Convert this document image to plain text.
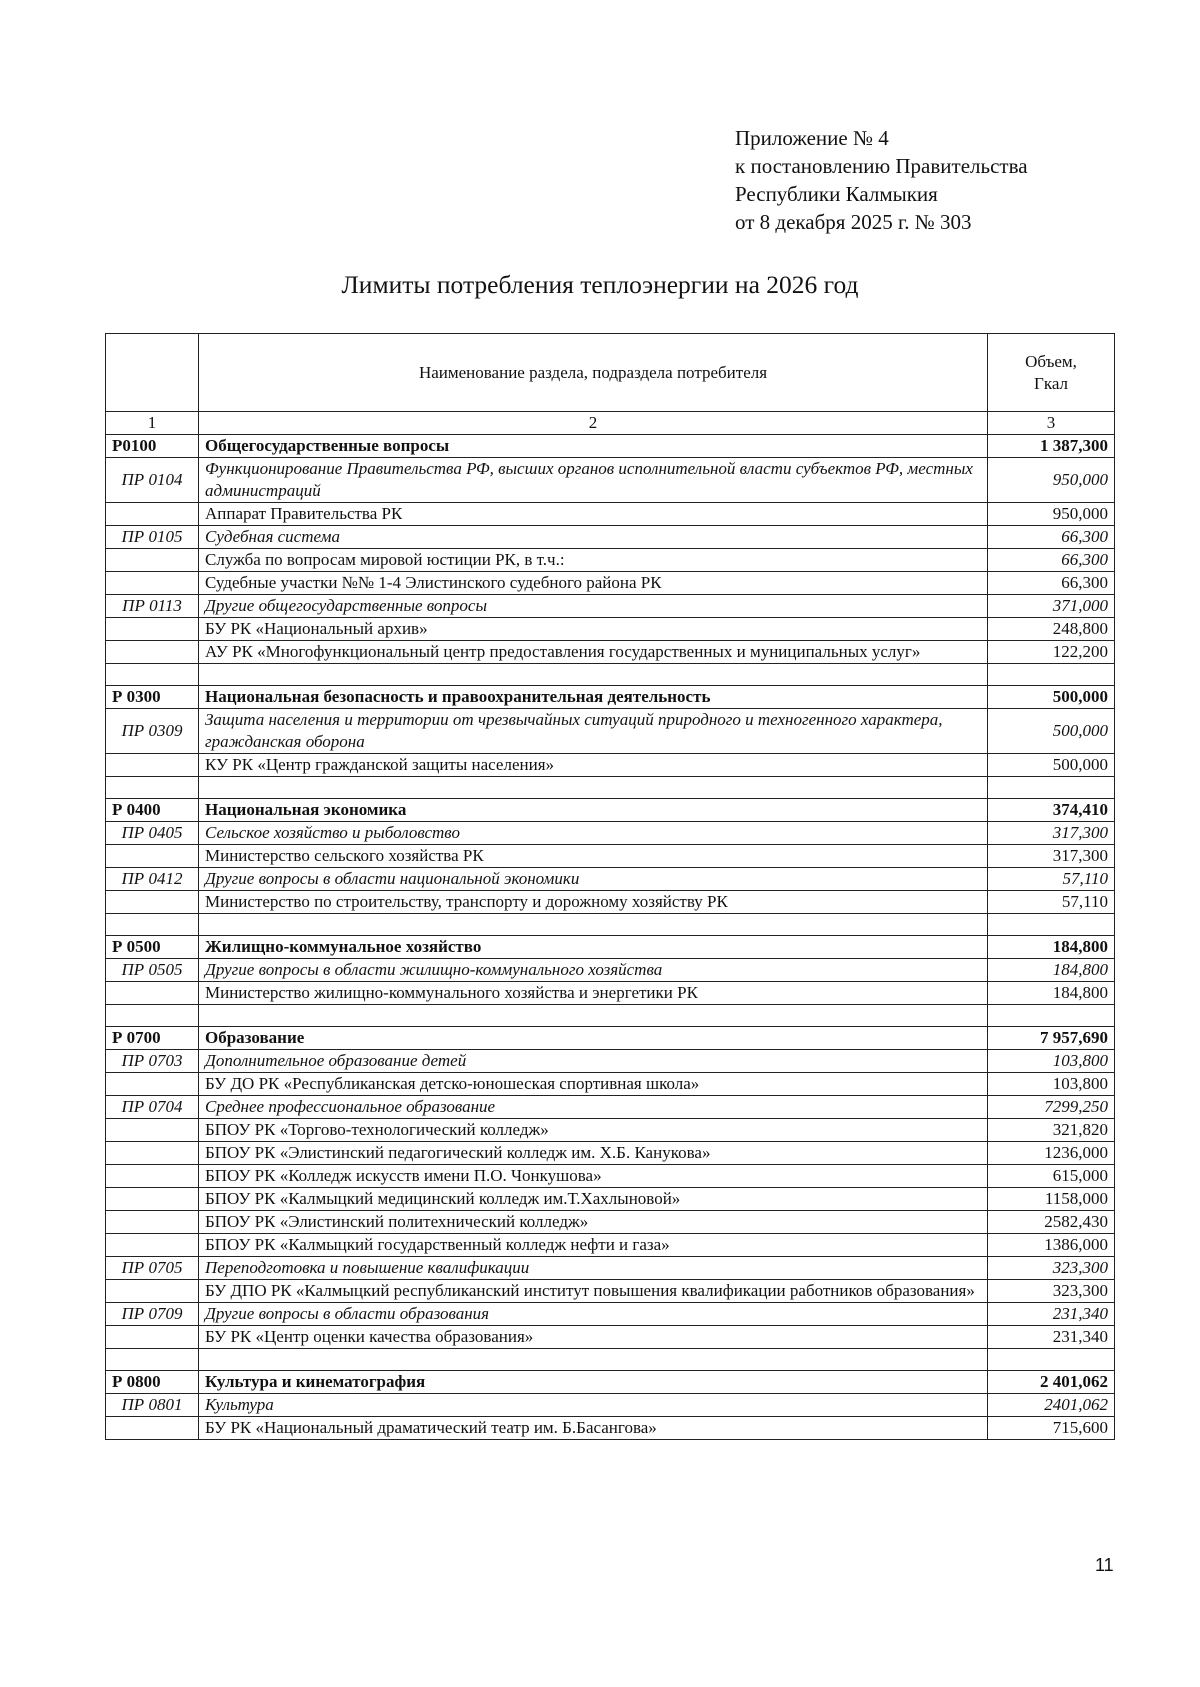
Приложение № 4
к постановлению Правительства
Республики Калмыкия
от 8 декабря 2025 г. № 303
Лимиты потребления теплоэнергии на 2026 год
	Наименование раздела, подраздела потребителя	Объем,
Гкал

1	2	3
Р0100	Общегосударственные вопросы	1 387,300
ПР 0104	Функционирование Правительства РФ, высших органов исполнительной власти субъектов РФ, местных администраций	950,000
	Аппарат Правительства РК	950,000
ПР 0105	Судебная система	66,300
	Служба по вопросам мировой юстиции РК, в т.ч.:	66,300
	Судебные участки №№ 1-4 Элистинского судебного района РК	66,300
ПР 0113	Другие общегосударственные вопросы	371,000
	БУ РК «Национальный архив»	248,800
	АУ РК «Многофункциональный центр предоставления государственных и муниципальных услуг»	122,200

Р 0300	Национальная безопасность и правоохранительная деятельность	500,000
ПР 0309	Защита населения и территории от чрезвычайных ситуаций природного и техногенного характера, гражданская оборона	500,000
	КУ РК «Центр гражданской защиты населения»	500,000

Р 0400	Национальная экономика	374,410
ПР 0405	Сельское хозяйство и рыболовство	317,300
	Министерство сельского хозяйства РК	317,300
ПР 0412	Другие вопросы в области национальной экономики	57,110
	Министерство по строительству, транспорту и дорожному хозяйству РК	57,110

Р 0500	Жилищно-коммунальное хозяйство	184,800
ПР 0505	Другие вопросы в области жилищно-коммунального хозяйства	184,800
	Министерство жилищно-коммунального хозяйства и энергетики РК	184,800

Р 0700	Образование	7 957,690
ПР 0703	Дополнительное образование детей	103,800
	БУ ДО РК «Республиканская детско-юношеская спортивная школа»	103,800
ПР 0704	Среднее профессиональное образование	7299,250
	БПОУ РК «Торгово-технологический колледж»	321,820
	БПОУ РК «Элистинский педагогический колледж им. Х.Б. Канукова»	1236,000
	БПОУ РК «Колледж искусств имени П.О. Чонкушова»	615,000
	БПОУ РК «Калмыцкий медицинский колледж им.Т.Хахлыновой»	1158,000
	БПОУ РК «Элистинский политехнический колледж»	2582,430
	БПОУ РК «Калмыцкий государственный колледж нефти и газа»	1386,000
ПР 0705	Переподготовка и повышение квалификации	323,300
	БУ ДПО РК «Калмыцкий республиканский институт повышения квалификации работников образования»	323,300
ПР 0709	Другие вопросы в области образования	231,340
	БУ РК «Центр оценки качества образования»	231,340

Р 0800	Культура и кинематография	2 401,062
ПР 0801	Культура	2401,062
	БУ РК «Национальный драматический театр им. Б.Басангова»	715,600
11
